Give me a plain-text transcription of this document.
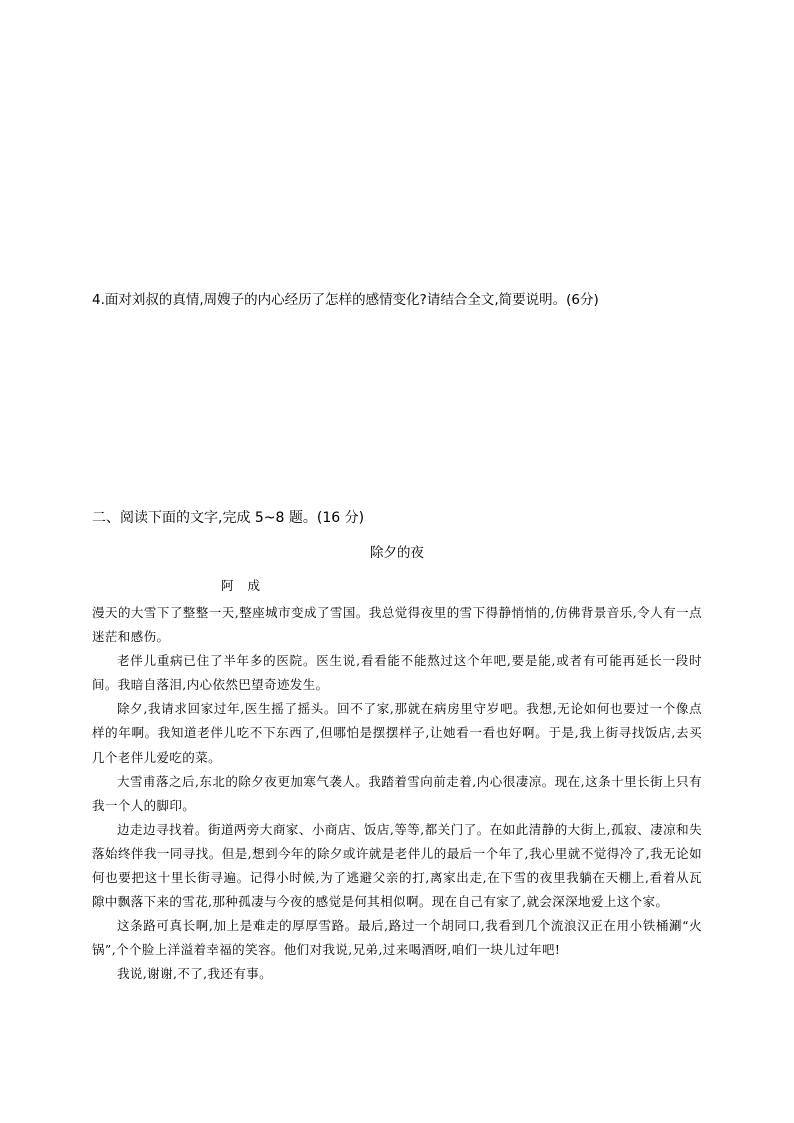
4.面对刘叔的真情,周嫂子的内心经历了怎样的感情变化?请结合全文,简要说明。(6分)
二、阅读下面的文字,完成 5~8 题。(16 分)
除夕的夜
阿成

漫天的大雪下了整整一天,整座城市变成了雪国。我总觉得夜里的雪下得静悄悄的,仿佛背景音乐,令人有一点迷茫和感伤。

老伴儿重病已住了半年多的医院。医生说,看看能不能熬过这个年吧,要是能,或者有可能再延长一段时间。我暗自落泪,内心依然巴望奇迹发生。

除夕,我请求回家过年,医生摇了摇头。回不了家,那就在病房里守岁吧。我想,无论如何也要过一个像点样的年啊。我知道老伴儿吃不下东西了,但哪怕是摆摆样子,让她看一看也好啊。于是,我上街寻找饭店,去买几个老伴儿爱吃的菜。

大雪甫落之后,东北的除夕夜更加寒气袭人。我踏着雪向前走着,内心很凄凉。现在,这条十里长街上只有我一个人的脚印。

边走边寻找着。街道两旁大商家、小商店、饭店,等等,都关门了。在如此清静的大街上,孤寂、凄凉和失落始终伴我一同寻找。但是,想到今年的除夕或许就是老伴儿的最后一个年了,我心里就不觉得冷了,我无论如何也要把这十里长街寻遍。记得小时候,为了逃避父亲的打,离家出走,在下雪的夜里我躺在天棚上,看着从瓦隙中飘落下来的雪花,那种孤凄与今夜的感觉是何其相似啊。现在自己有家了,就会深深地爱上这个家。

这条路可真长啊,加上是难走的厚厚雪路。最后,路过一个胡同口,我看到几个流浪汉正在用小铁桶涮“火锅”,个个脸上洋溢着幸福的笑容。他们对我说,兄弟,过来喝酒呀,咱们一块儿过年吧!

我说,谢谢,不了,我还有事。
